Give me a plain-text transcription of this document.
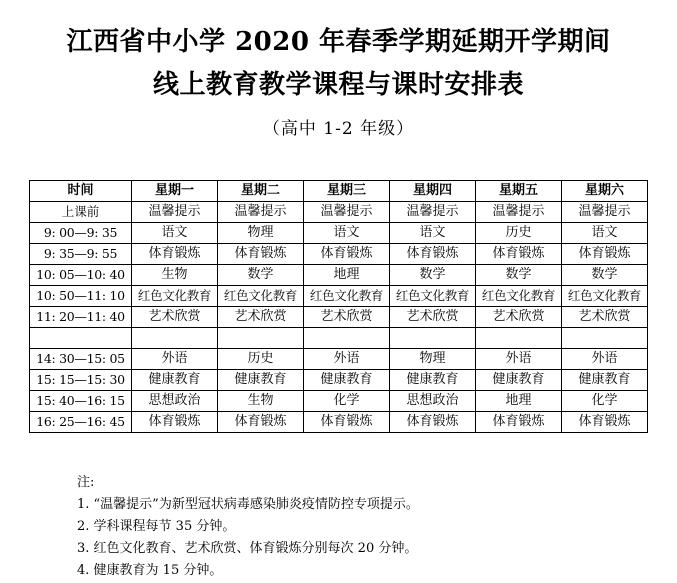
江西省中小学 2020 年春季学期延期开学期间
线上教育教学课程与课时安排表
（高中 1-2 年级）
时间	星期一	星期二	星期三	星期四	星期五	星期六
上课前	温馨提示	温馨提示	温馨提示	温馨提示	温馨提示	温馨提示
9: 00—9: 35	语文	物理	语文	语文	历史	语文
9: 35—9: 55	体育锻炼	体育锻炼	体育锻炼	体育锻炼	体育锻炼	体育锻炼
10: 05—10: 40	生物	数学	地理	数学	数学	数学
10: 50—11: 10	红色文化教育	红色文化教育	红色文化教育	红色文化教育	红色文化教育	红色文化教育
11: 20—11: 40	艺术欣赏	艺术欣赏	艺术欣赏	艺术欣赏	艺术欣赏	艺术欣赏

14: 30—15: 05	外语	历史	外语	物理	外语	外语
15: 15—15: 30	健康教育	健康教育	健康教育	健康教育	健康教育	健康教育
15: 40—16: 15	思想政治	生物	化学	思想政治	地理	化学
16: 25—16: 45	体育锻炼	体育锻炼	体育锻炼	体育锻炼	体育锻炼	体育锻炼
注:
1. “温馨提示”为新型冠状病毒感染肺炎疫情防控专项提示。
2. 学科课程每节 35 分钟。
3. 红色文化教育、艺术欣赏、体育锻炼分别每次 20 分钟。
4. 健康教育为 15 分钟。
